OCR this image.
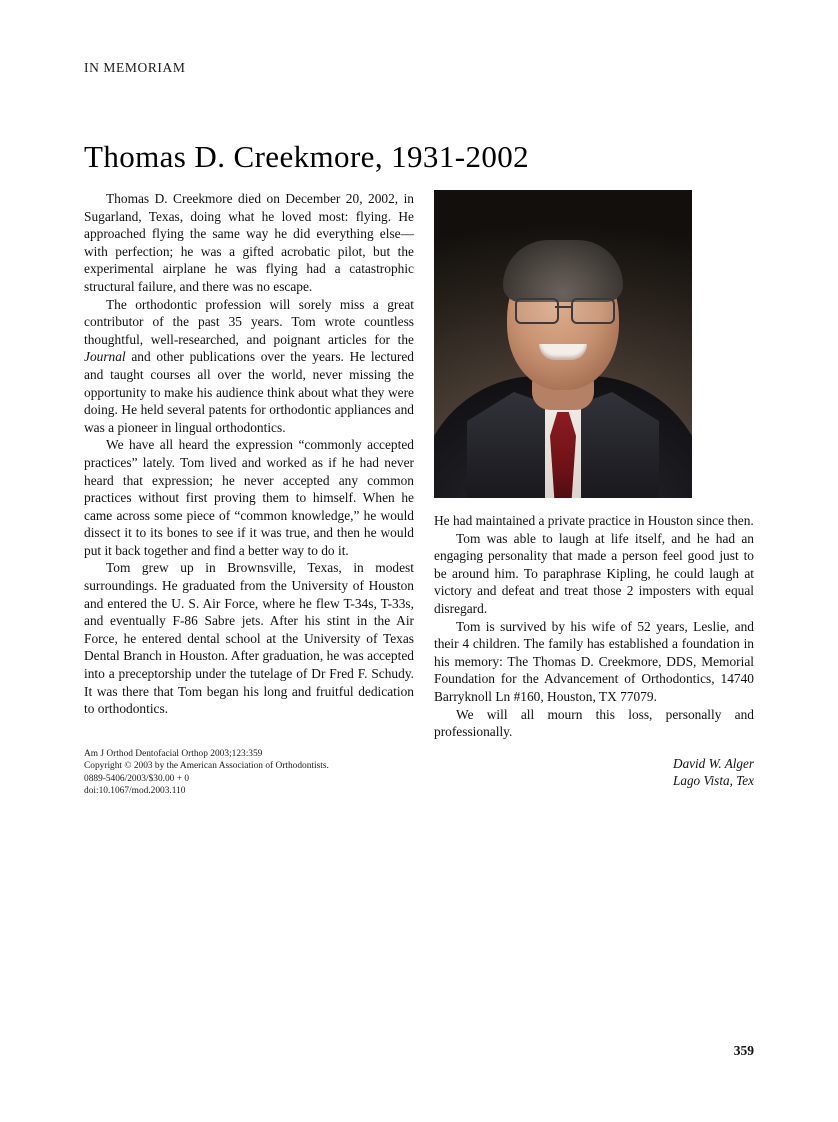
IN MEMORIAM
Thomas D. Creekmore, 1931-2002

Thomas D. Creekmore died on December 20, 2002, in Sugarland, Texas, doing what he loved most: flying. He approached flying the same way he did everything else—with perfection; he was a gifted acrobatic pilot, but the experimental airplane he was flying had a catastrophic structural failure, and there was no escape.

The orthodontic profession will sorely miss a great contributor of the past 35 years. Tom wrote countless thoughtful, well-researched, and poignant articles for the Journal and other publications over the years. He lectured and taught courses all over the world, never missing the opportunity to make his audience think about what they were doing. He held several patents for orthodontic appliances and was a pioneer in lingual orthodontics.

We have all heard the expression “commonly accepted practices” lately. Tom lived and worked as if he had never heard that expression; he never accepted any common practices without first proving them to himself. When he came across some piece of “common knowledge,” he would dissect it to its bones to see if it was true, and then he would put it back together and find a better way to do it.

Tom grew up in Brownsville, Texas, in modest surroundings. He graduated from the University of Houston and entered the U. S. Air Force, where he flew T-34s, T-33s, and eventually F-86 Sabre jets. After his stint in the Air Force, he entered dental school at the University of Texas Dental Branch in Houston. After graduation, he was accepted into a preceptorship under the tutelage of Dr Fred F. Schudy. It was there that Tom began his long and fruitful dedication to orthodontics.

He had maintained a private practice in Houston since then.

Tom was able to laugh at life itself, and he had an engaging personality that made a person feel good just to be around him. To paraphrase Kipling, he could laugh at victory and defeat and treat those 2 imposters with equal disregard.

Tom is survived by his wife of 52 years, Leslie, and their 4 children. The family has established a foundation in his memory: The Thomas D. Creekmore, DDS, Memorial Foundation for the Advancement of Orthodontics, 14740 Barryknoll Ln #160, Houston, TX 77079.

We will all mourn this loss, personally and professionally.

David W. Alger
Lago Vista, Tex
Am J Orthod Dentofacial Orthop 2003;123:359
Copyright © 2003 by the American Association of Orthodontists.
0889-5406/2003/$30.00 + 0
doi:10.1067/mod.2003.110
359
